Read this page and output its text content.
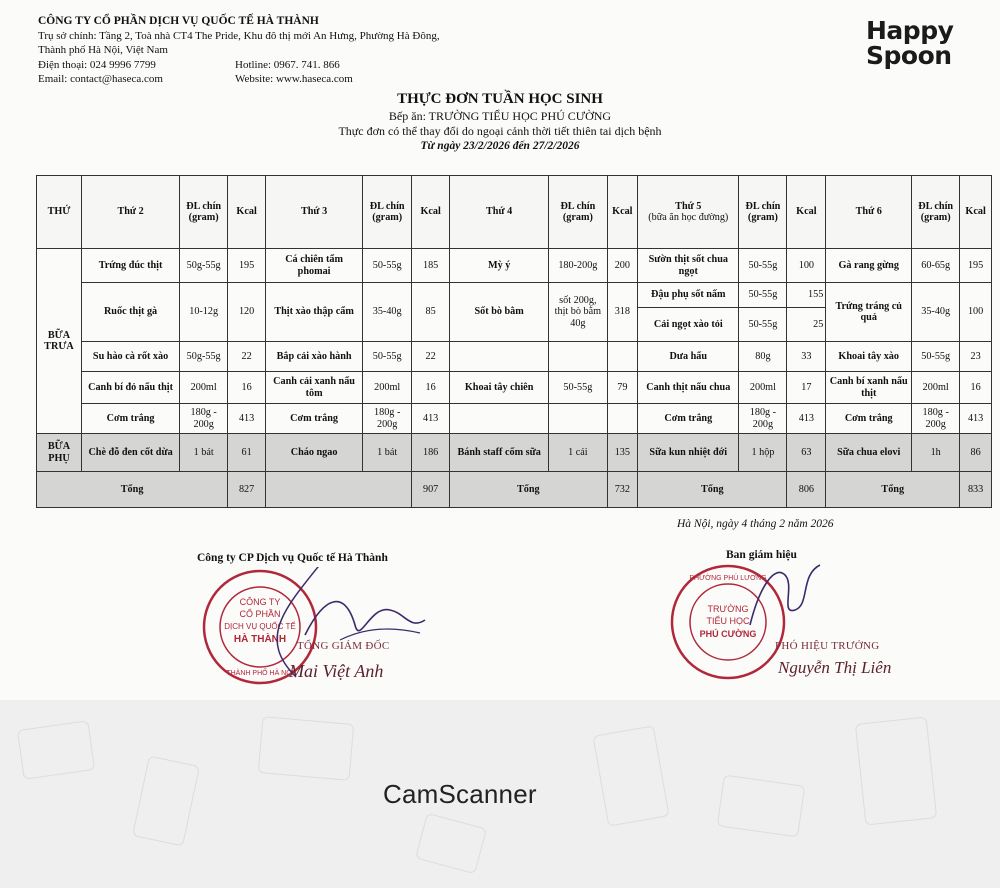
CamScanner
CÔNG TY CỔ PHẦN DỊCH VỤ QUỐC TẾ HÀ THÀNH
Trụ sở chính: Tầng 2, Toà nhà CT4 The Pride, Khu đô thị mới An Hưng, Phường Hà Đông,
Thành phố Hà Nội, Việt Nam
Điện thoại: 024 9996 7799	Hotline: 0967. 741. 866
Email: contact@haseca.com	Website: www.haseca.com
Happy
Spoon
THỰC ĐƠN TUẦN HỌC SINH
Bếp ăn: TRƯỜNG TIỂU HỌC PHÚ CƯỜNG
Thực đơn có thể thay đổi do ngoại cảnh thời tiết thiên tai dịch bệnh
Từ ngày 23/2/2026 đến 27/2/2026
THỨ	Thứ 2	ĐL chín (gram)	Kcal	Thứ 3	ĐL chín (gram)	Kcal	Thứ 4	ĐL chín (gram)	Kcal	Thứ 5
(bữa ăn học đường)	ĐL chín (gram)	Kcal	Thứ 6	ĐL chín (gram)	Kcal
BỮA TRƯA	Trứng đúc thịt	50g-55g	195	Cá chiên tẩm phomai	50-55g	185	Mỳ ý	180-200g	200	Sườn thịt sốt chua ngọt	50-55g	100	Gà rang gừng	60-65g	195
	Ruốc thịt gà	10-12g	120	Thịt xào thập cẩm	35-40g	85	Sốt bò bằm	sốt 200g, thịt bò bằm 40g	318	Đậu phụ sốt nấm	50-55g	155	Trứng tráng củ quả	35-40g	100
										Cải ngọt xào tỏi	50-55g	25			
	Su hào cà rốt xào	50g-55g	22	Bắp cải xào hành	50-55g	22				Dưa hấu	80g	33	Khoai tây xào	50-55g	23
	Canh bí đỏ nấu thịt	200ml	16	Canh cải xanh nấu tôm	200ml	16	Khoai tây chiên	50-55g	79	Canh thịt nấu chua	200ml	17	Canh bí xanh nấu thịt	200ml	16
	Cơm trắng	180g - 200g	413	Cơm trắng	180g - 200g	413				Cơm trắng	180g - 200g	413	Cơm trắng	180g - 200g	413
BỮA PHỤ	Chè đỗ đen cốt dừa	1 bát	61	Cháo ngao	1 bát	186	Bánh staff cốm sữa	1 cái	135	Sữa kun nhiệt đới	1 hộp	63	Sữa chua elovi	1h	86
Tổng			827			907	Tổng		732	Tổng		806	Tổng		833
Hà Nội, ngày 4 tháng 2 năm 2026
Công ty CP Dịch vụ Quốc tế Hà Thành	Ban giám hiệu
CÔNG TY
CỔ PHẦN
DỊCH VỤ QUỐC TẾ
HÀ THÀNH
THÀNH PHỐ HÀ NỘI
PHƯỜNG PHÚ LƯƠNG
TRƯỜNG
TIỂU HỌC
PHÚ CƯỜNG
TỔNG GIÁM ĐỐC
Mai Việt Anh
PHÓ HIỆU TRƯỞNG
Nguyễn Thị Liên
